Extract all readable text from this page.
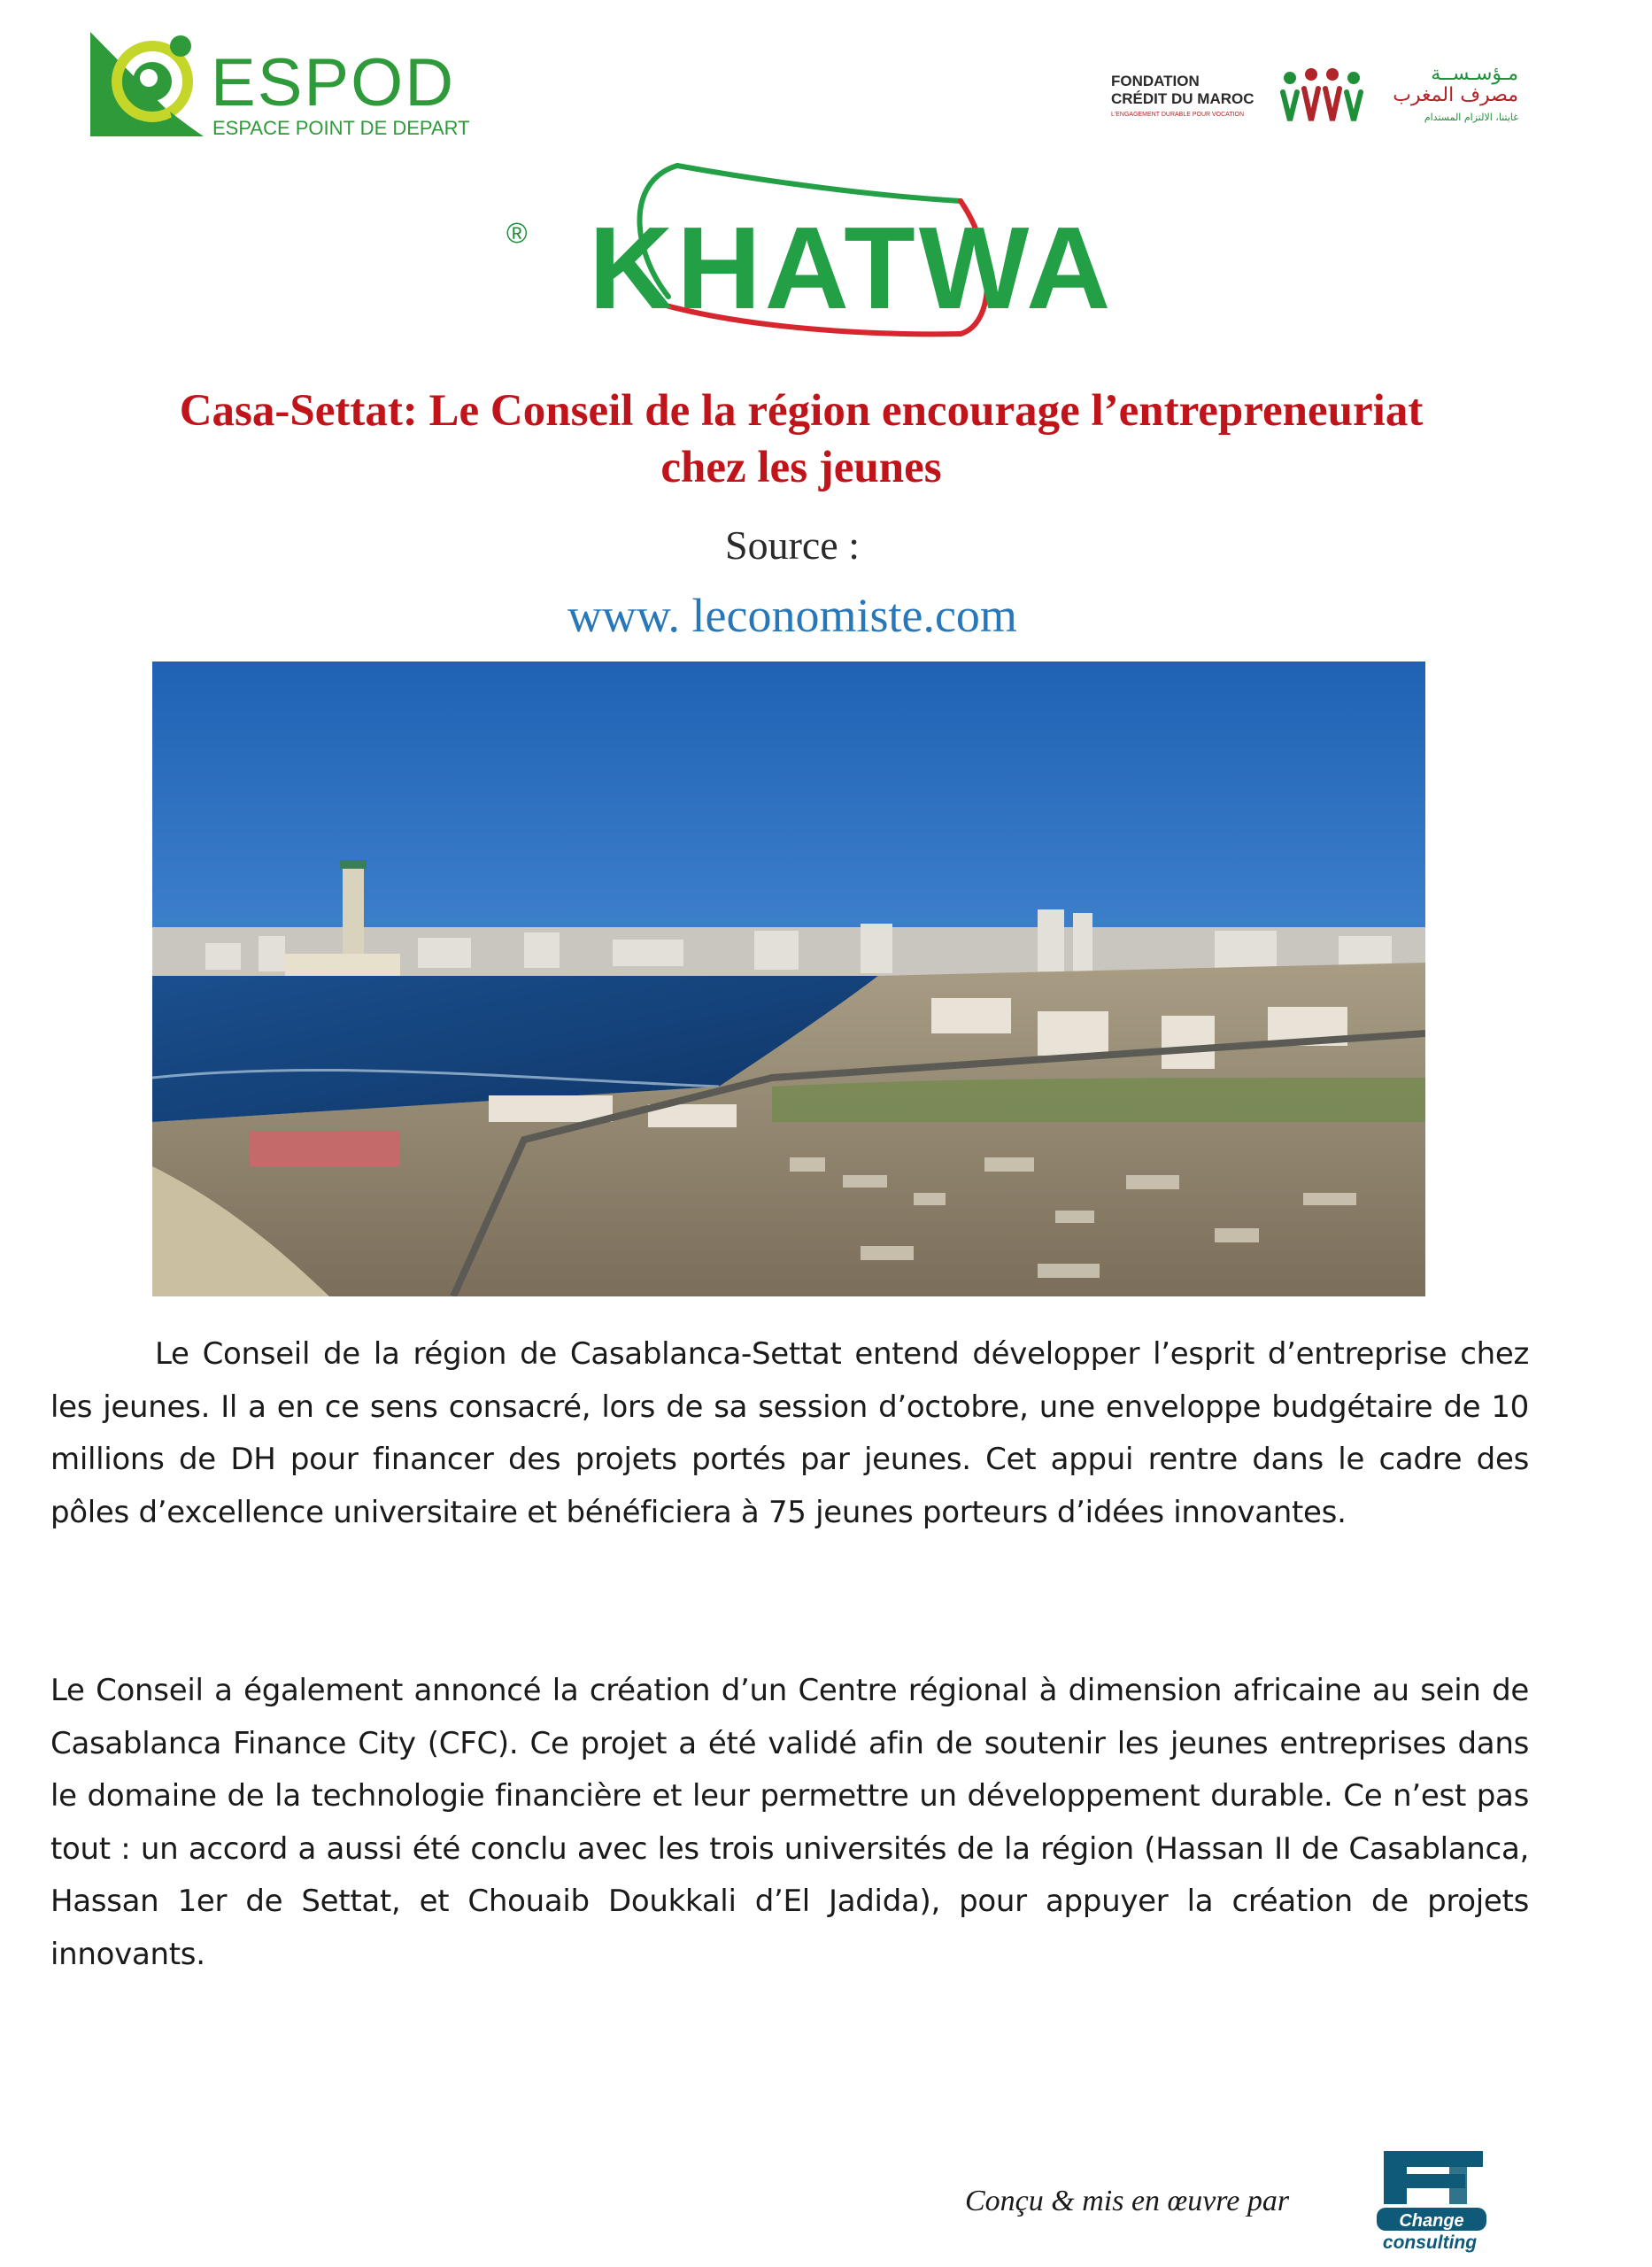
ESPOD
ESPACE POINT DE DEPART
FONDATION
CRÉDIT DU MAROC
L'ENGAGEMENT DURABLE POUR VOCATION
مـؤسـســة
مصرف المغرب
غايتنا، الالتزام المستدام
® KHATWA
Casa-Settat: Le Conseil de la région encourage l’entrepreneuriat
chez les jeunes
Source :
www. leconomiste.com

Le Conseil de la région de Casablanca-Settat entend développer l’esprit d’entreprise chez les jeunes. Il a en ce sens consacré, lors de sa session d’octobre, une enveloppe budgétaire de 10 millions de DH pour financer des projets portés par jeunes. Cet appui rentre dans le cadre des pôles d’excellence universitaire et bénéficiera à 75 jeunes porteurs d’idées innovantes.

Le Conseil a également annoncé la création d’un Centre régional à dimension africaine au sein de Casablanca Finance City (CFC). Ce projet a été validé afin de soutenir les jeunes entreprises dans le domaine de la technologie financière et leur permettre un développement durable. Ce n’est pas tout : un accord a aussi été conclu avec les trois universités de la région (Hassan II de Casablanca, Hassan 1er de Settat, et Chouaib Doukkali d’El Jadida), pour appuyer la création de projets innovants.

Conçu & mis en œuvre par
Change
consulting
